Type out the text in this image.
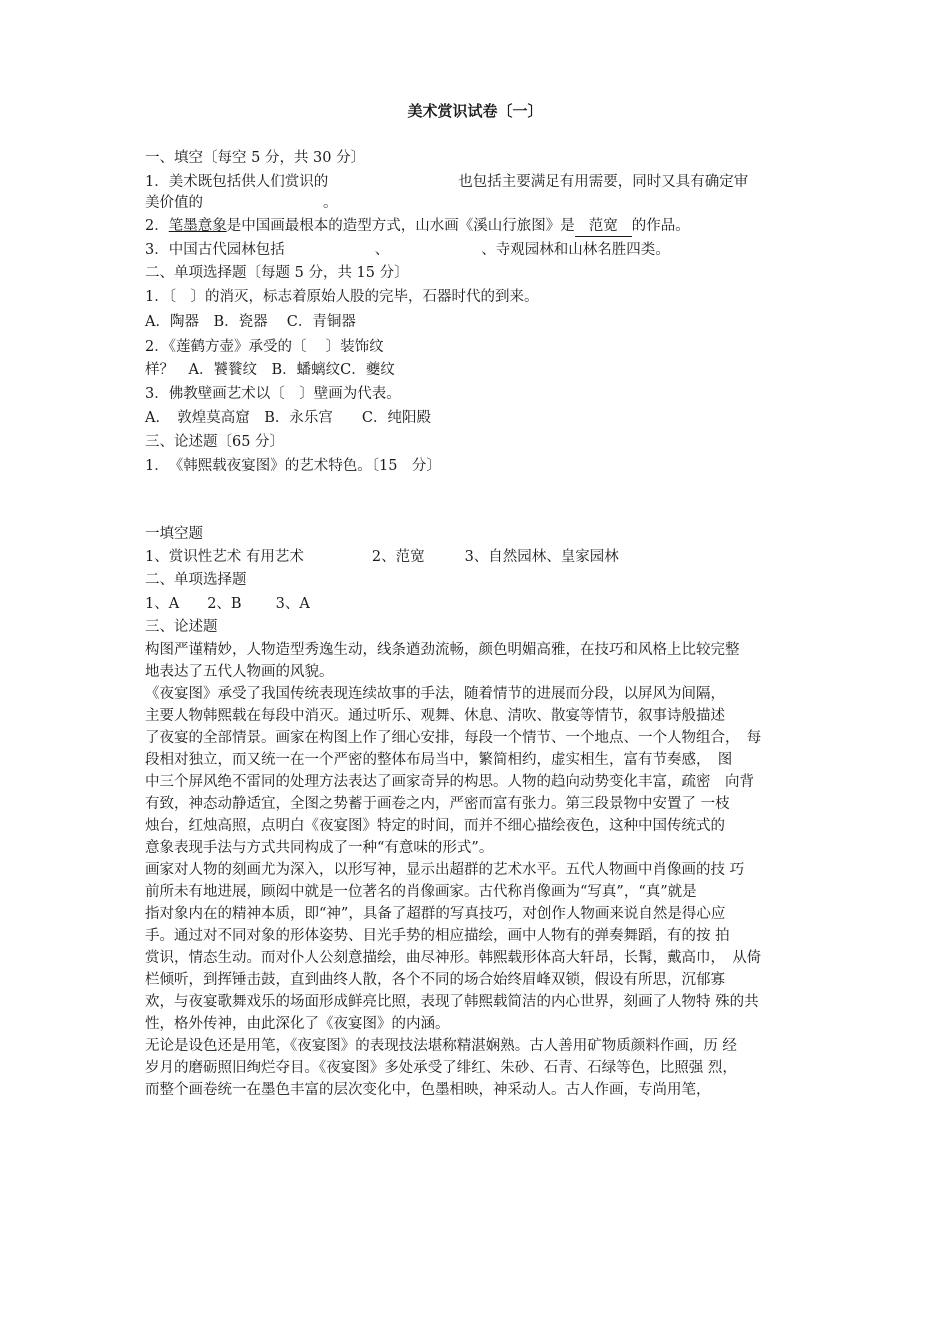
美术赏识试卷〔一〕
一、填空〔每空 5 分，共 30 分〕
1．美术既包括供人们赏识的	也包括主要满足有用需要，同时又具有确定审
美价值的	。
2．笔墨意象是中国画最根本的造型方式，山水画《溪山行旅图》是 范宽 的作品。
3．中国古代园林包括	、	、寺观园林和山林名胜四类。
二、单项选择题〔每题 5 分，共 15 分〕
1．〔　〕的消灭，标志着原始人股的完毕，石器时代的到来。
A．陶器　B．瓷器　 C．青铜器
2．《莲鹤方壶》承受的〔　 〕装饰纹
样？　A．饕餮纹　B．蟠螭纹C．夔纹
3．佛教壁画艺术以〔　〕壁画为代表。
A．　敦煌莫高窟　B．永乐宫　　C．纯阳殿
三、论述题〔65 分〕
1．　《韩熙载夜宴图》的艺术特色。〔15　分〕
一填空题
1、赏识性艺术 有用艺术	2、范宽	3、自然园林、皇家园林
二、单项选择题
1、A 2、B 3、A
三、论述题
构图严谨精妙，人物造型秀逸生动，线条遒劲流畅，颜色明媚高雅，在技巧和风格上比较完整
地表达了五代人物画的风貌。
《夜宴图》承受了我国传统表现连续故事的手法，随着情节的进展而分段，以屏风为间隔，
主要人物韩熙载在每段中消灭。通过听乐、观舞、休息、清吹、散宴等情节，叙事诗般描述
了夜宴的全部情景。画家在构图上作了细心安排，每段一个情节、一个地点、一个人物组合，　每
段相对独立，而又统一在一个严密的整体布局当中，繁简相约，虚实相生，富有节奏感，　图
中三个屏风绝不雷同的处理方法表达了画家奇异的构思。人物的趋向动势变化丰富，疏密　向背
有致，神态动静适宜，全图之势蓄于画卷之内，严密而富有张力。第三段景物中安置了 一枝
烛台，红烛高照，点明白《夜宴图》特定的时间，而并不细心描绘夜色，这种中国传统式的
意象表现手法与方式共同构成了一种“有意味的形式”。
画家对人物的刻画尤为深入，以形写神，显示出超群的艺术水平。五代人物画中肖像画的技 巧
前所未有地进展，顾闳中就是一位著名的肖像画家。古代称肖像画为“写真”，“真”就是
指对象内在的精神本质，即“神”，具备了超群的写真技巧，对创作人物画来说自然是得心应
手。通过对不同对象的形体姿势、目光手势的相应描绘，画中人物有的弹奏舞蹈，有的按 拍
赏识，情态生动。而对仆人公刻意描绘，曲尽神形。韩熙载形体高大轩昂，长髯，戴高巾，　从倚
栏倾听，到挥锤击鼓，直到曲终人散，各个不同的场合始终眉峰双锁，假设有所思，沉郁寡
欢，与夜宴歌舞戏乐的场面形成鲜亮比照，表现了韩熙载简洁的内心世界，刻画了人物特 殊的共
性，格外传神，由此深化了《夜宴图》的内涵。
无论是设色还是用笔，《夜宴图》的表现技法堪称精湛娴熟。古人善用矿物质颜料作画，历 经
岁月的磨砺照旧绚烂夺目。《夜宴图》多处承受了绯红、朱砂、石青、石绿等色，比照强 烈，
而整个画卷统一在墨色丰富的层次变化中，色墨相映，神采动人。古人作画，专尚用笔，
